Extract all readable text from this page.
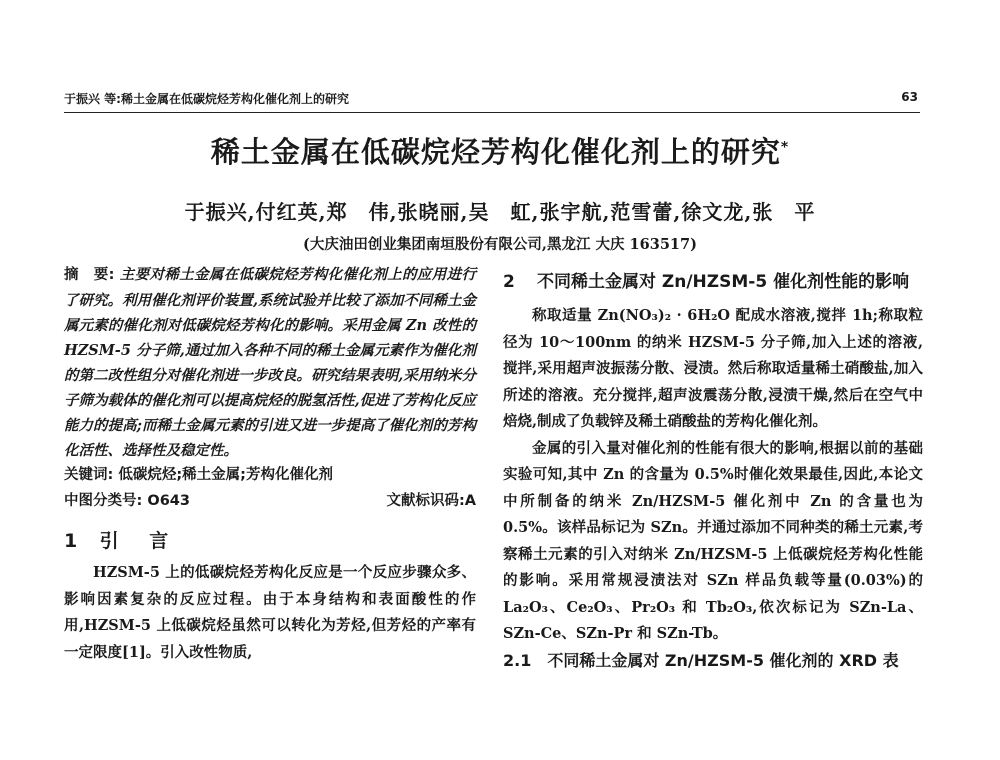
于振兴 等:稀土金属在低碳烷烃芳构化催化剂上的研究	63
稀土金属在低碳烷烃芳构化催化剂上的研究*
于振兴,付红英,郑　伟,张晓丽,吴　虹,张宇航,范雪蕾,徐文龙,张　平
(大庆油田创业集团南垣股份有限公司,黑龙江 大庆 163517)
摘　要: 主要对稀土金属在低碳烷烃芳构化催化剂上的应用进行了研究。利用催化剂评价装置,系统试验并比较了添加不同稀土金属元素的催化剂对低碳烷烃芳构化的影响。采用金属 Zn 改性的 HZSM-5 分子筛,通过加入各种不同的稀土金属元素作为催化剂的第二改性组分对催化剂进一步改良。研究结果表明,采用纳米分子筛为载体的催化剂可以提高烷烃的脱氢活性,促进了芳构化反应能力的提高;而稀土金属元素的引进又进一步提高了催化剂的芳构化活性、选择性及稳定性。
关键词: 低碳烷烃;稀土金属;芳构化催化剂
中图分类号: O643	文献标识码:A
1 引 言

HZSM-5 上的低碳烷烃芳构化反应是一个反应步骤众多、影响因素复杂的反应过程。由于本身结构和表面酸性的作用,HZSM-5 上低碳烷烃虽然可以转化为芳烃,但芳烃的产率有一定限度[1]。引入改性物质,

2 不同稀土金属对 Zn/HZSM-5 催化剂性能的影响

称取适量 Zn(NO₃)₂ · 6H₂O 配成水溶液,搅拌 1h;称取粒径为 10～100nm 的纳米 HZSM-5 分子筛,加入上述的溶液,搅拌,采用超声波振荡分散、浸渍。然后称取适量稀土硝酸盐,加入所述的溶液。充分搅拌,超声波震荡分散,浸渍干燥,然后在空气中焙烧,制成了负载锌及稀土硝酸盐的芳构化催化剂。

金属的引入量对催化剂的性能有很大的影响,根据以前的基础实验可知,其中 Zn 的含量为 0.5%时催化效果最佳,因此,本论文中所制备的纳米 Zn/HZSM-5 催化剂中 Zn 的含量也为 0.5%。该样品标记为 SZn。并通过添加不同种类的稀土元素,考察稀土元素的引入对纳米 Zn/HZSM-5 上低碳烷烃芳构化性能的影响。采用常规浸渍法对 SZn 样品负载等量(0.03%)的 La₂O₃、Ce₂O₃、Pr₂O₃ 和 Tb₂O₃,依次标记为 SZn-La、SZn-Ce、SZn-Pr 和 SZn-Tb。

2.1　不同稀土金属对 Zn/HZSM-5 催化剂的 XRD 表
